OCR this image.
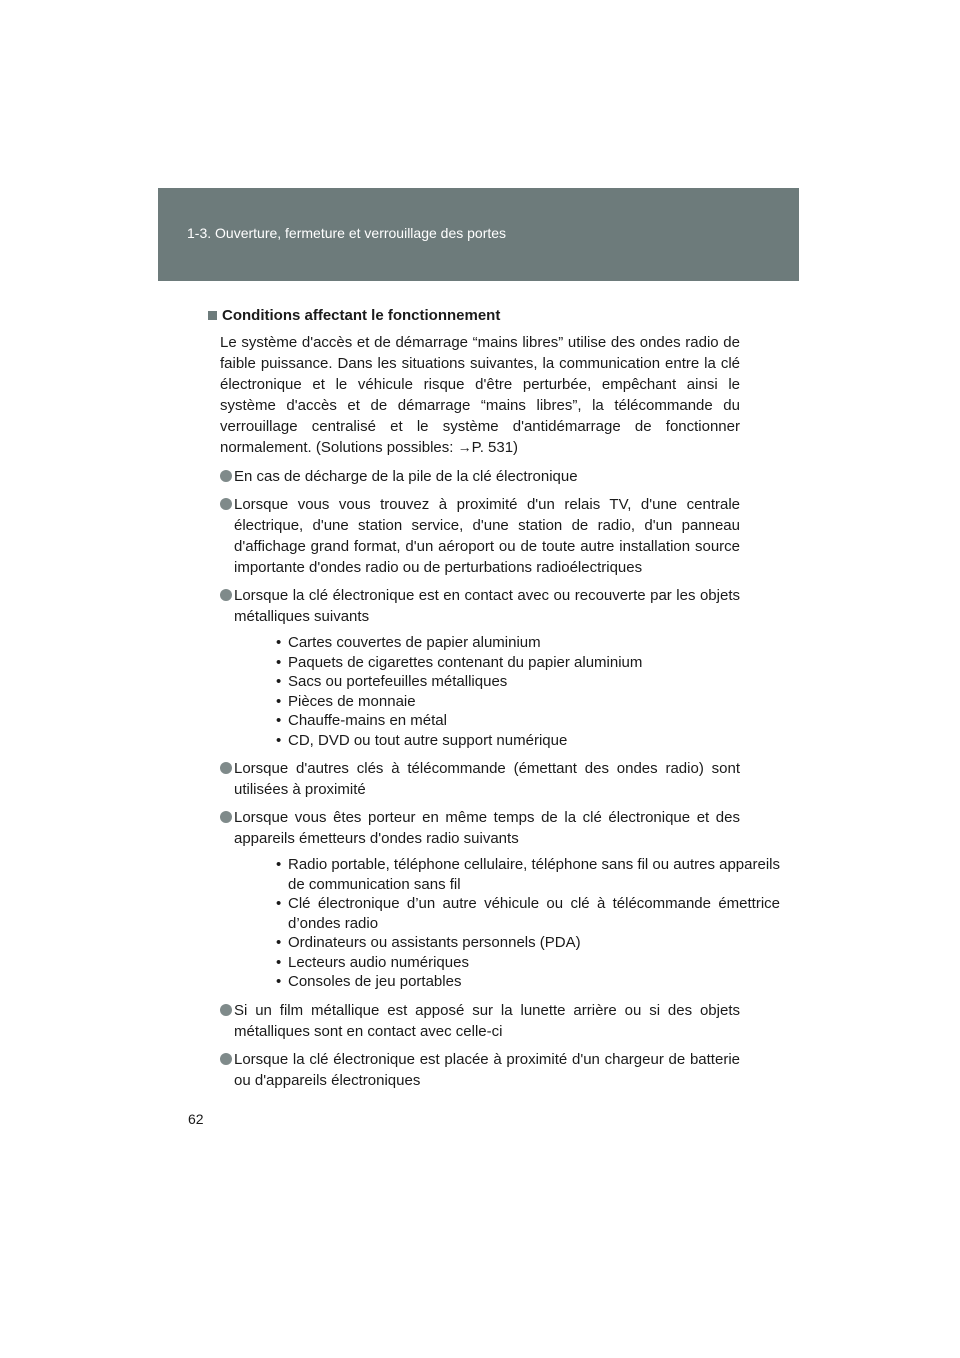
1-3. Ouverture, fermeture et verrouillage des portes
Conditions affectant le fonctionnement
Le système d'accès et de démarrage “mains libres” utilise des ondes radio de faible puissance. Dans les situations suivantes, la communication entre la clé électronique et le véhicule risque d'être perturbée, empêchant ainsi le système d'accès et de démarrage “mains libres”, la télécommande du verrouillage centralisé et le système d'antidémarrage de fonctionner normalement. (Solutions possibles: →P. 531)
En cas de décharge de la pile de la clé électronique
Lorsque vous vous trouvez à proximité d'un relais TV, d'une centrale électrique, d'une station service, d'une station de radio, d'un panneau d'affichage grand format, d'un aéroport ou de toute autre installation source importante d'ondes radio ou de perturbations radioélectriques
Lorsque la clé électronique est en contact avec ou recouverte par les objets métalliques suivants
• Cartes couvertes de papier aluminium
• Paquets de cigarettes contenant du papier aluminium
• Sacs ou portefeuilles métalliques
• Pièces de monnaie
• Chauffe-mains en métal
• CD, DVD ou tout autre support numérique
Lorsque d'autres clés à télécommande (émettant des ondes radio) sont utilisées à proximité
Lorsque vous êtes porteur en même temps de la clé électronique et des appareils émetteurs d'ondes radio suivants
• Radio portable, téléphone cellulaire, téléphone sans fil ou autres appareils de communication sans fil
• Clé électronique d’un autre véhicule ou clé à télécommande émettrice d’ondes radio
• Ordinateurs ou assistants personnels (PDA)
• Lecteurs audio numériques
• Consoles de jeu portables
Si un film métallique est apposé sur la lunette arrière ou si des objets métalliques sont en contact avec celle-ci
Lorsque la clé électronique est placée à proximité d'un chargeur de batterie ou d'appareils électroniques
62
